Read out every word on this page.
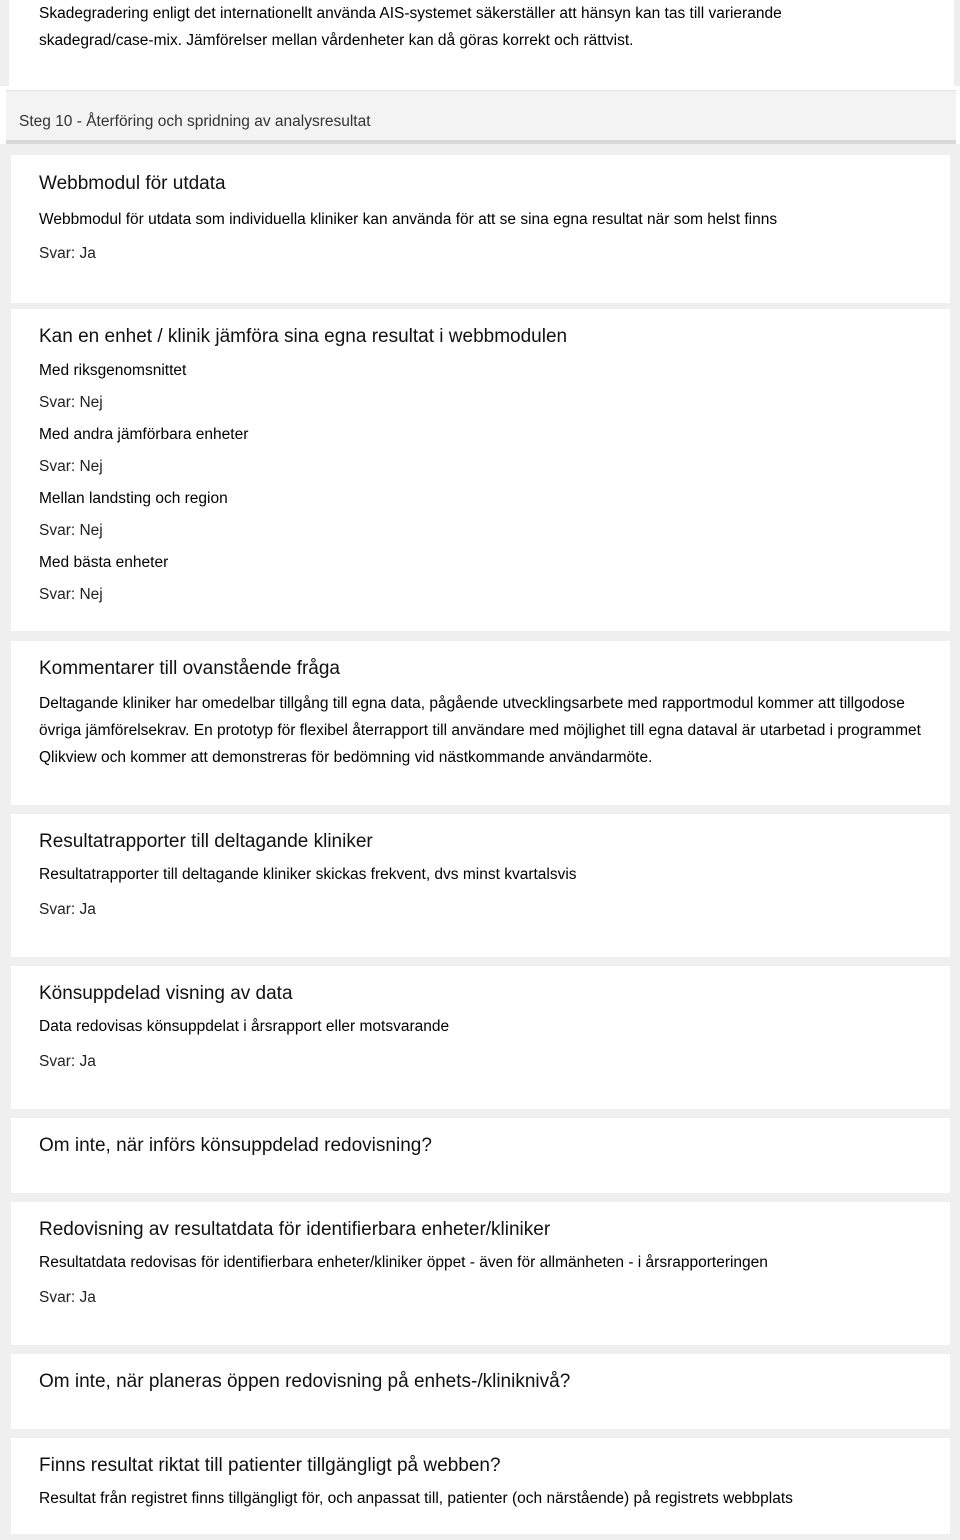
Skadegradering enligt det internationellt använda AIS-systemet säkerställer att hänsyn kan tas till varierande
skadegrad/case-mix. Jämförelser mellan vårdenheter kan då göras korrekt och rättvist.
Steg 10 - Återföring och spridning av analysresultat
Webbmodul för utdata
Webbmodul för utdata som individuella kliniker kan använda för att se sina egna resultat när som helst finns
Svar: Ja
Kan en enhet / klinik jämföra sina egna resultat i webbmodulen
Med riksgenomsnittet
Svar: Nej
Med andra jämförbara enheter
Svar: Nej
Mellan landsting och region
Svar: Nej
Med bästa enheter
Svar: Nej
Kommentarer till ovanstående fråga
Deltagande kliniker har omedelbar tillgång till egna data, pågående utvecklingsarbete med rapportmodul kommer att tillgodose övriga jämförelsekrav. En prototyp för flexibel återrapport till användare med möjlighet till egna dataval är utarbetad i programmet Qlikview och kommer att demonstreras för bedömning vid nästkommande användarmöte.
Resultatrapporter till deltagande kliniker
Resultatrapporter till deltagande kliniker skickas frekvent, dvs minst kvartalsvis
Svar: Ja
Könsuppdelad visning av data
Data redovisas könsuppdelat i årsrapport eller motsvarande
Svar: Ja
Om inte, när införs könsuppdelad redovisning?
Redovisning av resultatdata för identifierbara enheter/kliniker
Resultatdata redovisas för identifierbara enheter/kliniker öppet - även för allmänheten - i årsrapporteringen
Svar: Ja
Om inte, när planeras öppen redovisning på enhets-/kliniknivå?
Finns resultat riktat till patienter tillgängligt på webben?
Resultat från registret finns tillgängligt för, och anpassat till, patienter (och närstående) på registrets webbplats
